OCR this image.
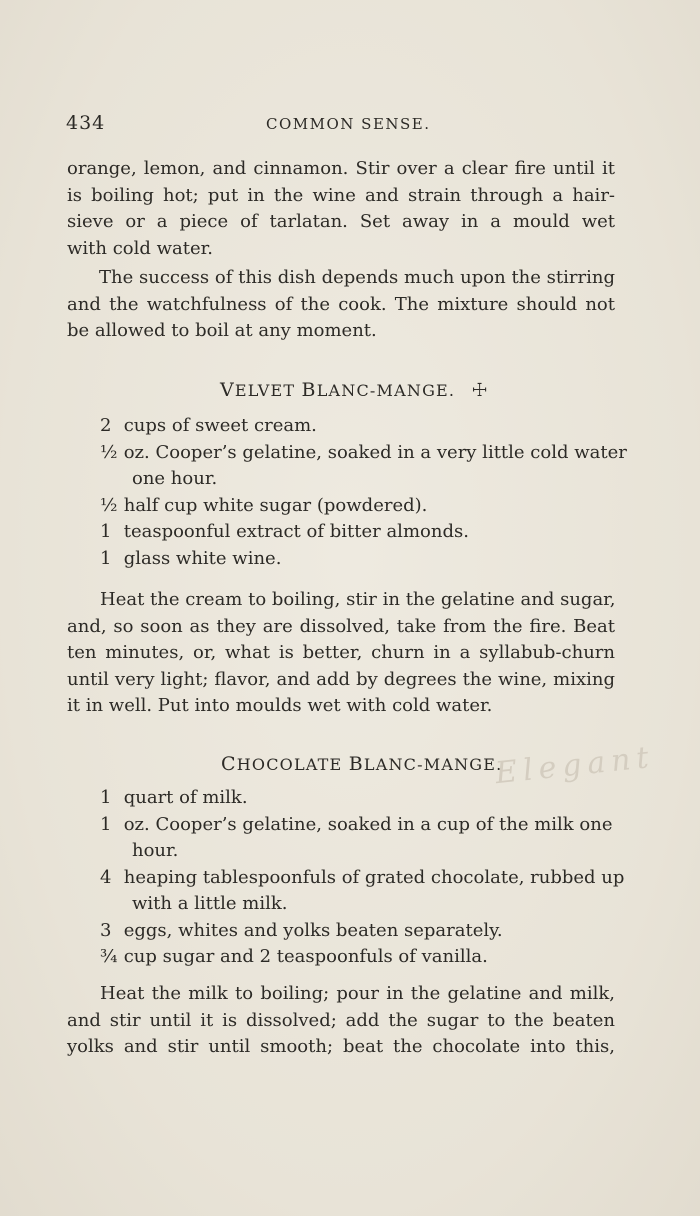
434	COMMON SENSE.
orange, lemon, and cinnamon. Stir over a clear fire until it
is boiling hot; put in the wine and strain through a hair-
sieve or a piece of tarlatan. Set away in a mould wet
with cold water.
The success of this dish depends much upon the stirring
and the watchfulness of the cook. The mixture should not
be allowed to boil at any moment.
VELVET BLANC-MANGE. ☩
2 cups of sweet cream.
½ oz. Cooper’s gelatine, soaked in a very little cold water
one hour.
½ half cup white sugar (powdered).
1 teaspoonful extract of bitter almonds.
1 glass white wine.
Heat the cream to boiling, stir in the gelatine and sugar,
and, so soon as they are dissolved, take from the fire. Beat
ten minutes, or, what is better, churn in a syllabub-churn
until very light; flavor, and add by degrees the wine, mixing
it in well. Put into moulds wet with cold water.
CHOCOLATE BLANC-MANGE.
Elegant
1 quart of milk.
1 oz. Cooper’s gelatine, soaked in a cup of the milk one
hour.
4 heaping tablespoonfuls of grated chocolate, rubbed up
with a little milk.
3 eggs, whites and yolks beaten separately.
¾ cup sugar and 2 teaspoonfuls of vanilla.
Heat the milk to boiling; pour in the gelatine and milk,
and stir until it is dissolved; add the sugar to the beaten
yolks and stir until smooth; beat the chocolate into this,
